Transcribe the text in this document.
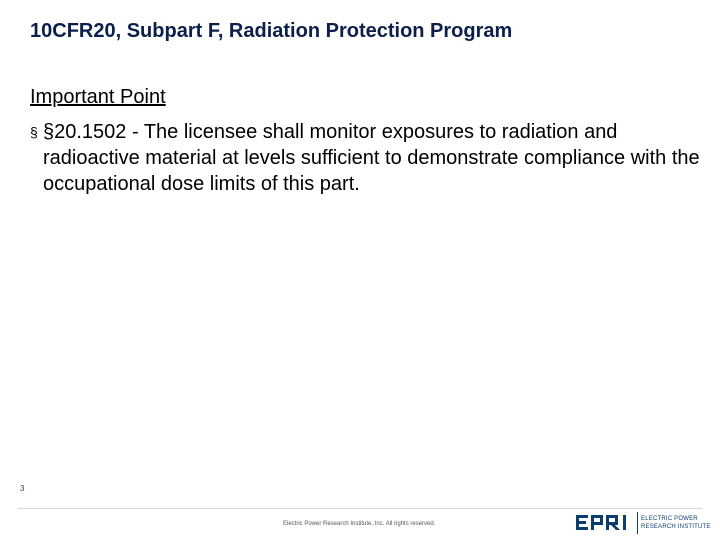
10CFR20, Subpart F, Radiation Protection Program
Important Point
§ §20.1502 - The licensee shall monitor exposures to radiation and radioactive material at levels sufficient to demonstrate compliance with the occupational dose limits of this part.
3
Electric Power Research Institute, Inc. All rights reserved.
ELECTRIC POWER
RESEARCH INSTITUTE
